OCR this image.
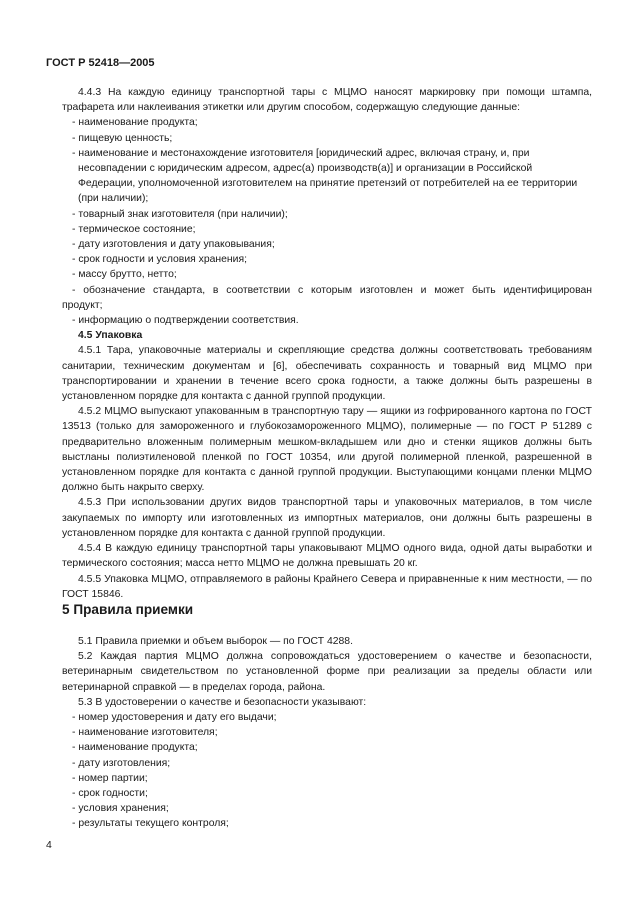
ГОСТ Р 52418—2005

4.4.3 На каждую единицу транспортной тары с МЦМО наносят маркировку при помощи штампа, трафарета или наклеивания этикетки или другим способом, содержащую следующие данные:

- наименование продукта;

- пищевую ценность;

- наименование и местонахождение изготовителя [юридический адрес, включая страну, и, при несовпадении с юридическим адресом, адрес(а) производств(а)] и организации в Российской Федерации, уполномоченной изготовителем на принятие претензий от потребителей на ее территории (при наличии);

- товарный знак изготовителя (при наличии);

- термическое состояние;

- дату изготовления и дату упаковывания;

- срок годности и условия хранения;

- массу брутто, нетто;

- обозначение стандарта, в соответствии с которым изготовлен и может быть идентифицирован

продукт;

- информацию о подтверждении соответствия.

4.5 Упаковка

4.5.1 Тара, упаковочные материалы и скрепляющие средства должны соответствовать требованиям санитарии, техническим документам и [6], обеспечивать сохранность и товарный вид МЦМО при транспортировании и хранении в течение всего срока годности, а также должны быть разрешены в установленном порядке для контакта с данной группой продукции.

4.5.2 МЦМО выпускают упакованным в транспортную тару — ящики из гофрированного картона по ГОСТ 13513 (только для замороженного и глубокозамороженного МЦМО), полимерные — по ГОСТ Р 51289 с предварительно вложенным полимерным мешком-вкладышем или дно и стенки ящиков должны быть выстланы полиэтиленовой пленкой по ГОСТ 10354, или другой полимерной пленкой, разрешенной в установленном порядке для контакта с данной группой продукции. Выступающими концами пленки МЦМО должно быть накрыто сверху.

4.5.3 При использовании других видов транспортной тары и упаковочных материалов, в том числе закупаемых по импорту или изготовленных из импортных материалов, они должны быть разрешены в установленном порядке для контакта с данной группой продукции.

4.5.4 В каждую единицу транспортной тары упаковывают МЦМО одного вида, одной даты выработки и термического состояния; масса нетто МЦМО не должна превышать 20 кг.

4.5.5 Упаковка МЦМО, отправляемого в районы Крайнего Севера и приравненные к ним местности, — по ГОСТ 15846.

5 Правила приемки

5.1 Правила приемки и объем выборок — по ГОСТ 4288.

5.2 Каждая партия МЦМО должна сопровождаться удостоверением о качестве и безопасности, ветеринарным свидетельством по установленной форме при реализации за пределы области или ветеринарной справкой — в пределах города, района.

5.3 В удостоверении о качестве и безопасности указывают:

- номер удостоверения и дату его выдачи;

- наименование изготовителя;

- наименование продукта;

- дату изготовления;

- номер партии;

- срок годности;

- условия хранения;

- результаты текущего контроля;

4
